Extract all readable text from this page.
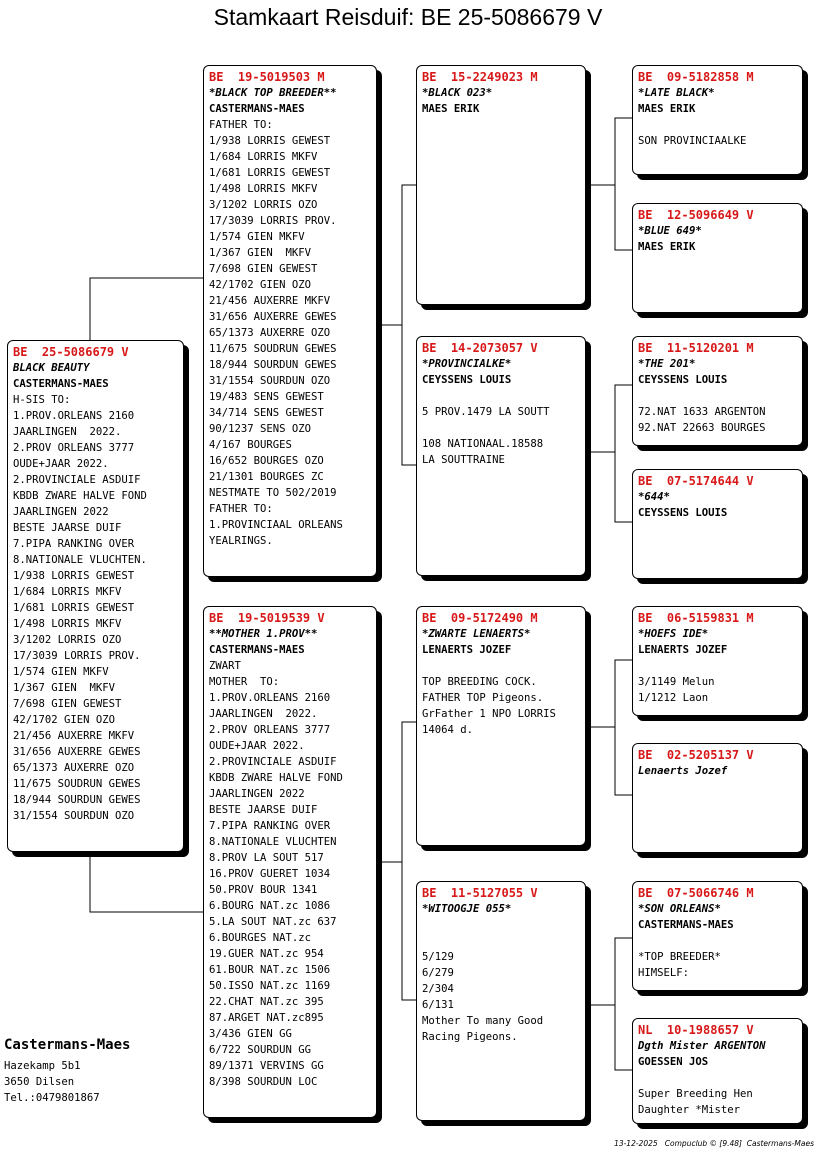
Stamkaart Reisduif: BE 25-5086679 V
BE  25-5086679 V
BLACK BEAUTY
CASTERMANS-MAES
H-SIS TO:
1.PROV.ORLEANS 2160
JAARLINGEN  2022.
2.PROV ORLEANS 3777
OUDE+JAAR 2022.
2.PROVINCIALE ASDUIF
KBDB ZWARE HALVE FOND
JAARLINGEN 2022
BESTE JAARSE DUIF
7.PIPA RANKING OVER
8.NATIONALE VLUCHTEN.
1/938 LORRIS GEWEST
1/684 LORRIS MKFV
1/681 LORRIS GEWEST
1/498 LORRIS MKFV
3/1202 LORRIS OZO
17/3039 LORRIS PROV.
1/574 GIEN MKFV
1/367 GIEN  MKFV
7/698 GIEN GEWEST
42/1702 GIEN OZO
21/456 AUXERRE MKFV
31/656 AUXERRE GEWES
65/1373 AUXERRE OZO
11/675 SOUDRUN GEWES
18/944 SOURDUN GEWES
31/1554 SOURDUN OZO
BE  19-5019503 M
*BLACK TOP BREEDER**
CASTERMANS-MAES
FATHER TO:
1/938 LORRIS GEWEST
1/684 LORRIS MKFV
1/681 LORRIS GEWEST
1/498 LORRIS MKFV
3/1202 LORRIS OZO
17/3039 LORRIS PROV.
1/574 GIEN MKFV
1/367 GIEN  MKFV
7/698 GIEN GEWEST
42/1702 GIEN OZO
21/456 AUXERRE MKFV
31/656 AUXERRE GEWES
65/1373 AUXERRE OZO
11/675 SOUDRUN GEWES
18/944 SOURDUN GEWES
31/1554 SOURDUN OZO
19/483 SENS GEWEST
34/714 SENS GEWEST
90/1237 SENS OZO
4/167 BOURGES
16/652 BOURGES OZO
21/1301 BOURGES ZC
NESTMATE TO 502/2019
FATHER TO:
1.PROVINCIAAL ORLEANS
YEALRINGS.
BE  19-5019539 V
**MOTHER 1.PROV**
CASTERMANS-MAES
ZWART
MOTHER  TO:
1.PROV.ORLEANS 2160
JAARLINGEN  2022.
2.PROV ORLEANS 3777
OUDE+JAAR 2022.
2.PROVINCIALE ASDUIF
KBDB ZWARE HALVE FOND
JAARLINGEN 2022
BESTE JAARSE DUIF
7.PIPA RANKING OVER
8.NATIONALE VLUCHTEN
8.PROV LA SOUT 517
16.PROV GUERET 1034
50.PROV BOUR 1341
6.BOURG NAT.zc 1086
5.LA SOUT NAT.zc 637
6.BOURGES NAT.zc
19.GUER NAT.zc 954
61.BOUR NAT.zc 1506
50.ISSO NAT.zc 1169
22.CHAT NAT.zc 395
87.ARGET NAT.zc895
3/436 GIEN GG
6/722 SOURDUN GG
89/1371 VERVINS GG
8/398 SOURDUN LOC
BE  15-2249023 M
*BLACK 023*
MAES ERIK
BE  14-2073057 V
*PROVINCIALKE*
CEYSSENS LOUIS
5 PROV.1479 LA SOUTT
108 NATIONAAL.18588
LA SOUTTRAINE
BE  09-5172490 M
*ZWARTE LENAERTS*
LENAERTS JOZEF
TOP BREEDING COCK.
FATHER TOP Pigeons.
GrFather 1 NPO LORRIS
14064 d.
BE  11-5127055 V
*WITOOGJE 055*
5/129
6/279
2/304
6/131
Mother To many Good
Racing Pigeons.
BE  09-5182858 M
*LATE BLACK*
MAES ERIK
SON PROVINCIAALKE
BE  12-5096649 V
*BLUE 649*
MAES ERIK
BE  11-5120201 M
*THE 201*
CEYSSENS LOUIS
72.NAT 1633 ARGENTON
92.NAT 22663 BOURGES
BE  07-5174644 V
*644*
CEYSSENS LOUIS
BE  06-5159831 M
*HOEFS IDE*
LENAERTS JOZEF
3/1149 Melun
1/1212 Laon
BE  02-5205137 V
Lenaerts Jozef
BE  07-5066746 M
*SON ORLEANS*
CASTERMANS-MAES
*TOP BREEDER*
HIMSELF:
NL  10-1988657 V
Dgth Mister ARGENTON
GOESSEN JOS
Super Breeding Hen
Daughter *Mister
Castermans-Maes
Hazekamp 5b1
3650 Dilsen
Tel.:0479801867
13-12-2025   Compuclub © [9.48]  Castermans-Maes
